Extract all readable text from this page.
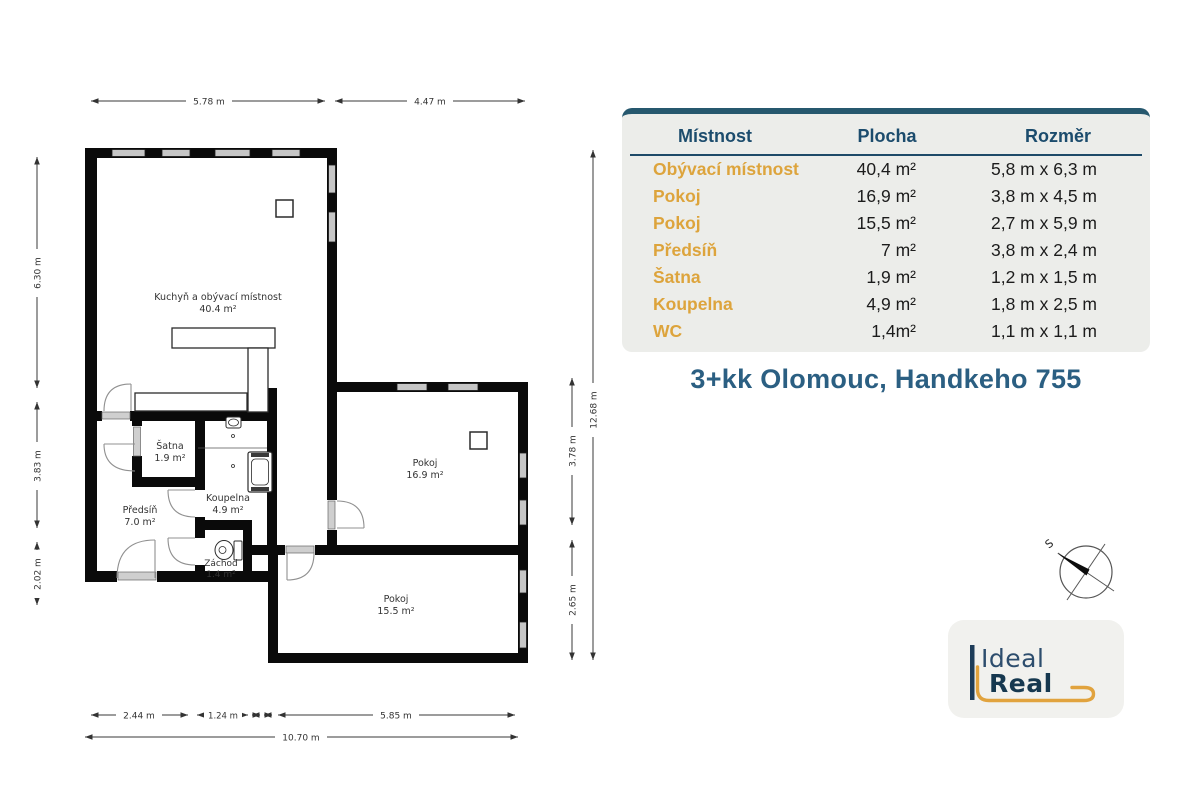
Kuchyň a obývací místnost
40.4 m²
Pokoj
16.9 m²
Pokoj
15.5 m²
Předsíň
7.0 m²
Šatna
1.9 m²
Koupelna
4.9 m²
Záchod
1.4 m²
5.78 m	4.47 m
6.30 m
3.83 m
2.02 m
12.68 m
3.78 m
2.65 m
2.44 m	1.24 m	5.85 m
10.70 m
Místnost	Plocha	Rozměr
Obývací místnost	40,4 m²	5,8 m x 6,3 m
Pokoj	16,9 m²	3,8 m x 4,5 m
Pokoj	15,5 m²	2,7 m x 5,9 m
Předsíň	7 m²	3,8 m x 2,4 m
Šatna	1,9 m²	1,2 m x 1,5 m
Koupelna	4,9 m²	1,8 m x 2,5 m
WC	1,4m²	1,1 m x 1,1 m
3+kk Olomouc, Handkeho 755
S
Ideal
Real
